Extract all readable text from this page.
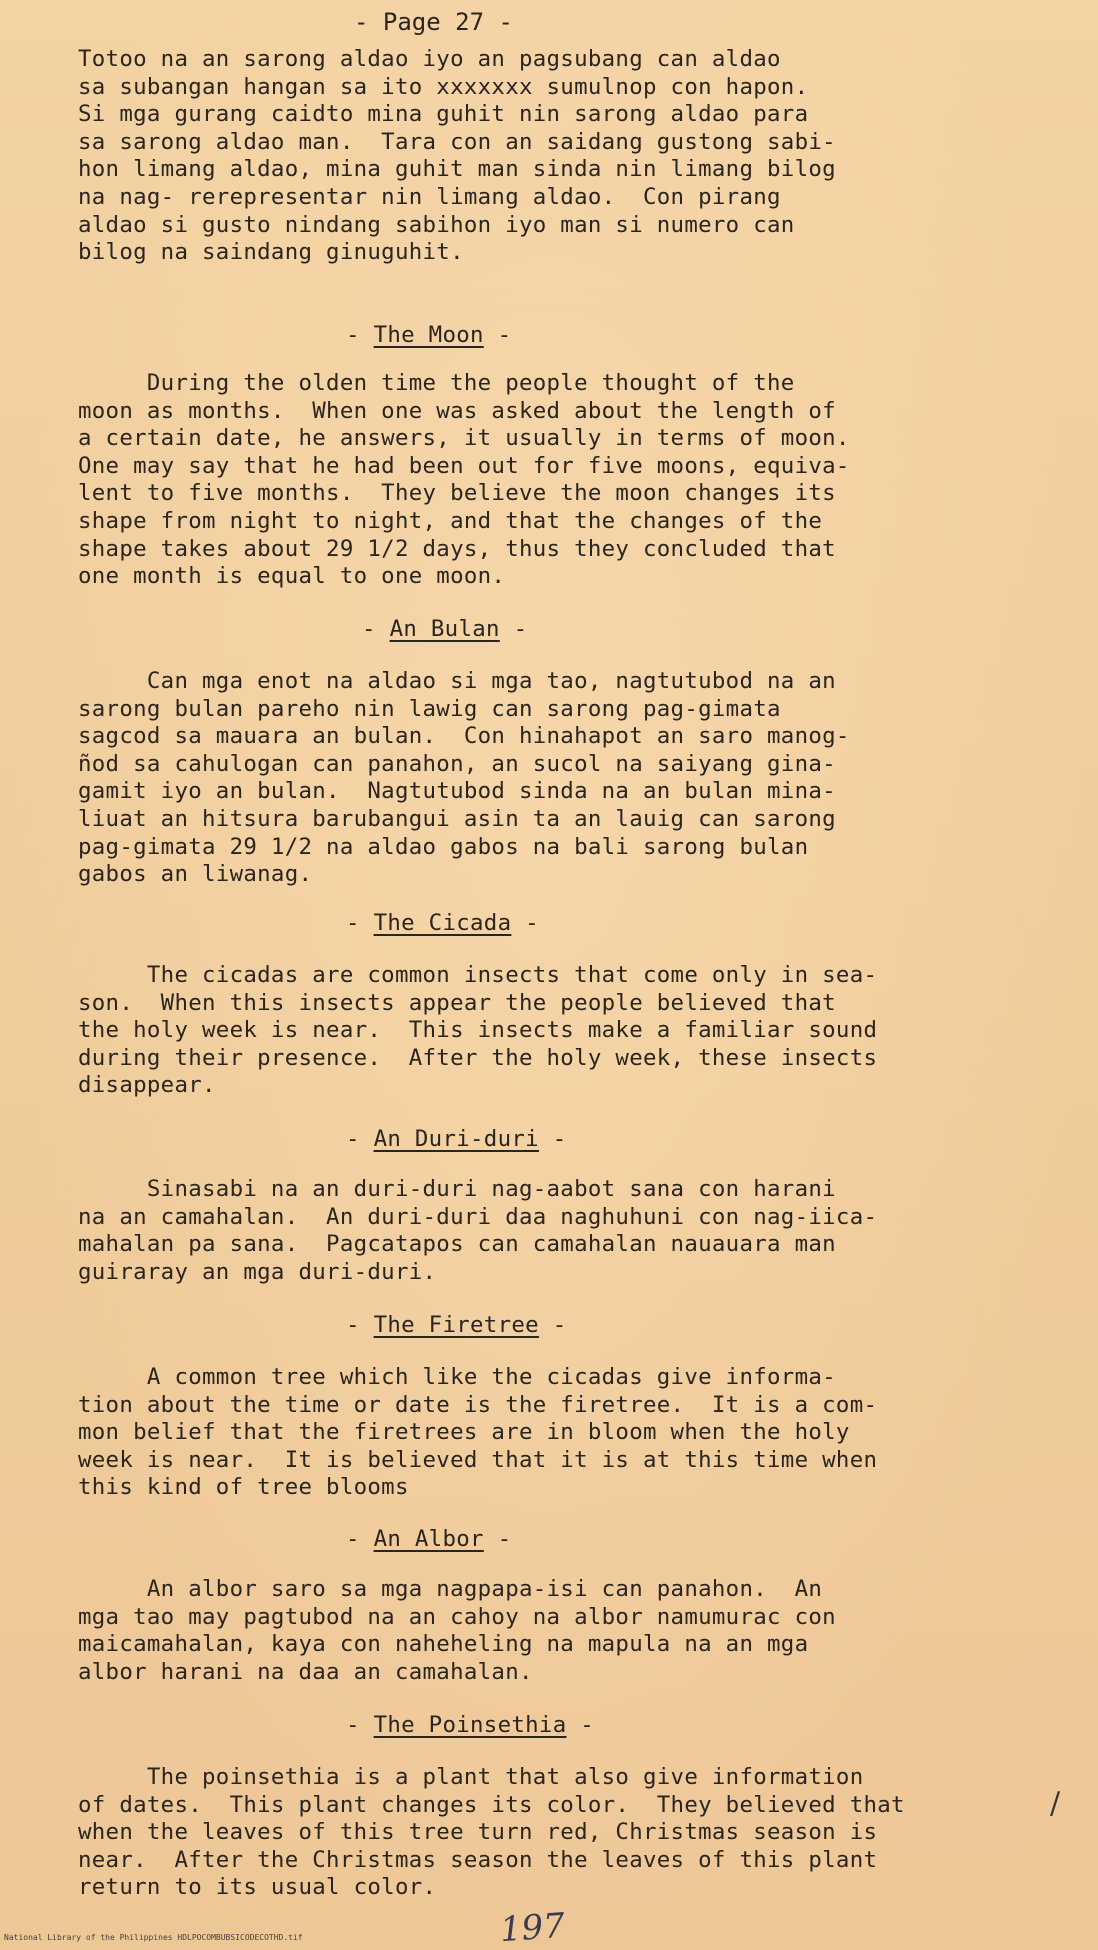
- Page 27 -
Totoo na an sarong aldao iyo an pagsubang can aldao
sa subangan hangan sa ito xxxxxxx sumulnop con hapon.
Si mga gurang caidto mina guhit nin sarong aldao para
sa sarong aldao man.  Tara con an saidang gustong sabi-
hon limang aldao, mina guhit man sinda nin limang bilog
na nag- rerepresentar nin limang aldao.  Con pirang
aldao si gusto nindang sabihon iyo man si numero can
bilog na saindang ginuguhit.
- The Moon -
During the olden time the people thought of the
moon as months.  When one was asked about the length of
a certain date, he answers, it usually in terms of moon.
One may say that he had been out for five moons, equiva-
lent to five months.  They believe the moon changes its
shape from night to night, and that the changes of the
shape takes about 29 1/2 days, thus they concluded that
one month is equal to one moon.
- An Bulan -
Can mga enot na aldao si mga tao, nagtutubod na an
sarong bulan pareho nin lawig can sarong pag-gimata
sagcod sa mauara an bulan.  Con hinahapot an saro manog-
ñod sa cahulogan can panahon, an sucol na saiyang gina-
gamit iyo an bulan.  Nagtutubod sinda na an bulan mina-
liuat an hitsura barubangui asin ta an lauig can sarong
pag-gimata 29 1/2 na aldao gabos na bali sarong bulan
gabos an liwanag.
- The Cicada -
The cicadas are common insects that come only in sea-
son.  When this insects appear the people believed that
the holy week is near.  This insects make a familiar sound
during their presence.  After the holy week, these insects
disappear.
- An Duri-duri -
Sinasabi na an duri-duri nag-aabot sana con harani
na an camahalan.  An duri-duri daa naghuhuni con nag-iica-
mahalan pa sana.  Pagcatapos can camahalan nauauara man
guiraray an mga duri-duri.
- The Firetree -
A common tree which like the cicadas give informa-
tion about the time or date is the firetree.  It is a com-
mon belief that the firetrees are in bloom when the holy
week is near.  It is believed that it is at this time when
this kind of tree blooms
- An Albor -
An albor saro sa mga nagpapa-isi can panahon.  An
mga tao may pagtubod na an cahoy na albor namumurac con
maicamahalan, kaya con naheheling na mapula na an mga
albor harani na daa an camahalan.
- The Poinsethia -
The poinsethia is a plant that also give information
of dates.  This plant changes its color.  They believed that
when the leaves of this tree turn red, Christmas season is
near.  After the Christmas season the leaves of this plant
return to its usual color.
/
National Library of the Philippines HDLPOCOMBUBSICODECOTHD.tif	197
